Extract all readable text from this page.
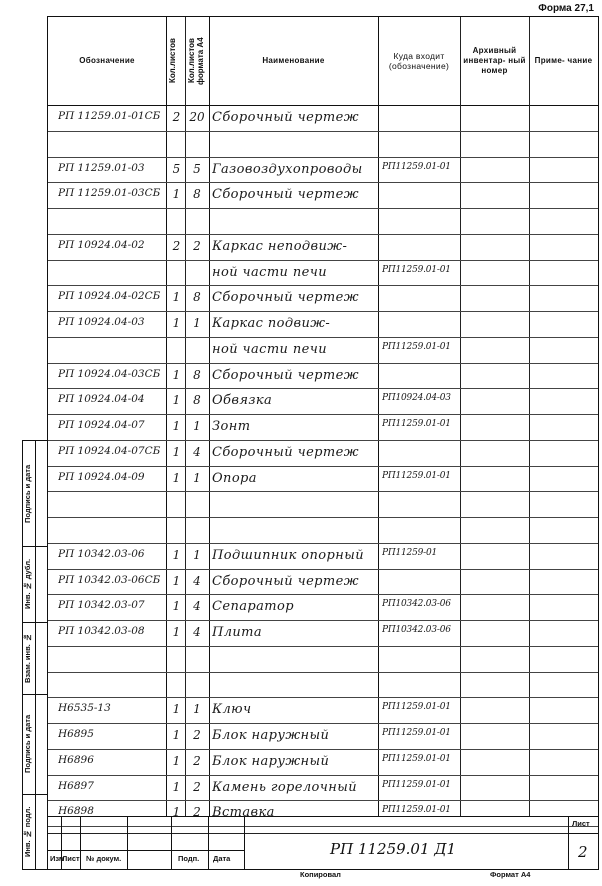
Форма 27,1
Подпись и дата
Инв. № дубл.
Взам. инв. №
Подпись и дата
Инв. № подл.
Обозначение	Кол.листов	Кол.листов формата А4	Наименование	Куда входит (обозначение)
Архивный инвентар- ный номер
Приме- чание
РП 11259.01-01СБ	2 20 Сборочный чертеж
РП 11259.01-03	5	5 Газовоздухопроводы	РП11259.01-01
РП 11259.01-03СБ	1	8 Сборочный чертеж
РП 10924.04-02	2	2 Каркас неподвиж-
ной части печи	РП11259.01-01
РП 10924.04-02СБ	1	8 Сборочный чертеж
РП 10924.04-03	1	1 Каркас подвиж-
ной части печи	РП11259.01-01
РП 10924.04-03СБ	1	8 Сборочный чертеж
РП 10924.04-04	1	8 Обвязка	РП10924.04-03
РП 10924.04-07	1	1 Зонт	РП11259.01-01
РП 10924.04-07СБ	1	4 Сборочный чертеж
РП 10924.04-09	1	1 Опора	РП11259.01-01
РП 10342.03-06	1	1 Подшипник опорный	РП11259-01
РП 10342.03-06СБ	1	4 Сборочный чертеж
РП 10342.03-07	1	4 Сепаратор	РП10342.03-06
РП 10342.03-08	1	4 Плита	РП10342.03-06
Н6535-13	1	1 Ключ	РП11259.01-01
Н6895	1	2 Блок наружный	РП11259.01-01
Н6896	1	2 Блок наружный	РП11259.01-01
Н6897	1	2 Камень горелочный	РП11259.01-01
Н6898	1	2 Вставка	РП11259.01-01
Изм
Лист № докум.	Подп. Дата
РП 11259.01 Д1
Лист
2
Копировал	Формат А4
